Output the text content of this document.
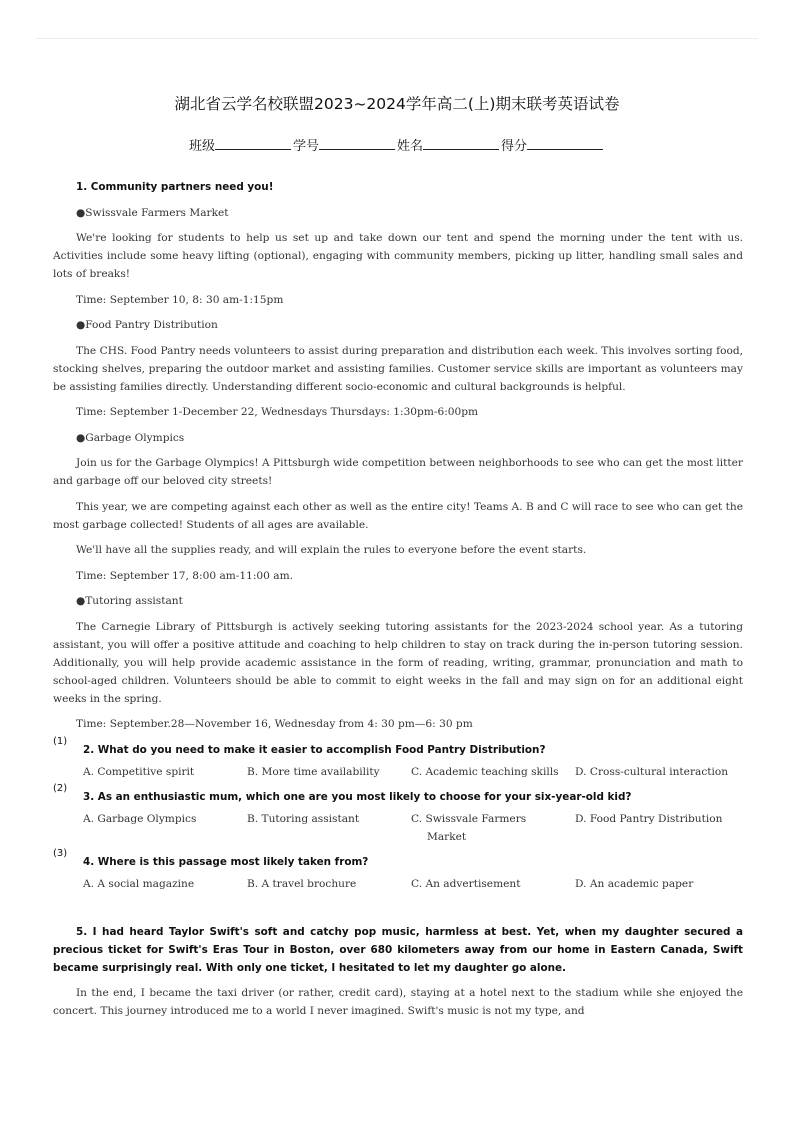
湖北省云学名校联盟2023~2024学年高二(上)期末联考英语试卷
班级	学号	姓名	得分

1. Community partners need you!

●Swissvale Farmers Market

We're looking for students to help us set up and take down our tent and spend the morning under the tent with us. Activities include some heavy lifting (optional), engaging with community members, picking up litter, handling small sales and lots of breaks!

Time: September 10, 8: 30 am-1:15pm

●Food Pantry Distribution

The CHS. Food Pantry needs volunteers to assist during preparation and distribution each week. This involves sorting food, stocking shelves, preparing the outdoor market and assisting families. Customer service skills are important as volunteers may be assisting families directly. Understanding different socio-economic and cultural backgrounds is helpful.

Time: September 1-December 22, Wednesdays Thursdays: 1:30pm-6:00pm

●Garbage Olympics

Join us for the Garbage Olympics! A Pittsburgh wide competition between neighborhoods to see who can get the most litter and garbage off our beloved city streets!

This year, we are competing against each other as well as the entire city! Teams A. B and C will race to see who can get the most garbage collected! Students of all ages are available.

We'll have all the supplies ready, and will explain the rules to everyone before the event starts.

Time: September 17, 8:00 am-11:00 am.

●Tutoring assistant

The Carnegie Library of Pittsburgh is actively seeking tutoring assistants for the 2023-2024 school year. As a tutoring assistant, you will offer a positive attitude and coaching to help children to stay on track during the in-person tutoring session. Additionally, you will help provide academic assistance in the form of reading, writing, grammar, pronunciation and math to school-aged children. Volunteers should be able to commit to eight weeks in the fall and may sign on for an additional eight weeks in the spring.

Time: September.28—November 16, Wednesday from 4: 30 pm—6: 30 pm

(1)
2. What do you need to make it easier to accomplish Food Pantry Distribution?
A. Competitive spirit	B. More time availability	C. Academic teaching skills	D. Cross-cultural interaction
(2)
3. As an enthusiastic mum, which one are you most likely to choose for your six-year-old kid?
A. Garbage Olympics	B. Tutoring assistant	C. Swissvale Farmers Market
D. Food Pantry Distribution
(3)
4. Where is this passage most likely taken from?
A. A social magazine	B. A travel brochure	C. An advertisement	D. An academic paper

5. I had heard Taylor Swift's soft and catchy pop music, harmless at best. Yet, when my daughter secured a precious ticket for Swift's Eras Tour in Boston, over 680 kilometers away from our home in Eastern Canada, Swift became surprisingly real. With only one ticket, I hesitated to let my daughter go alone.

In the end, I became the taxi driver (or rather, credit card), staying at a hotel next to the stadium while she enjoyed the concert. This journey introduced me to a world I never imagined. Swift's music is not my type, and
